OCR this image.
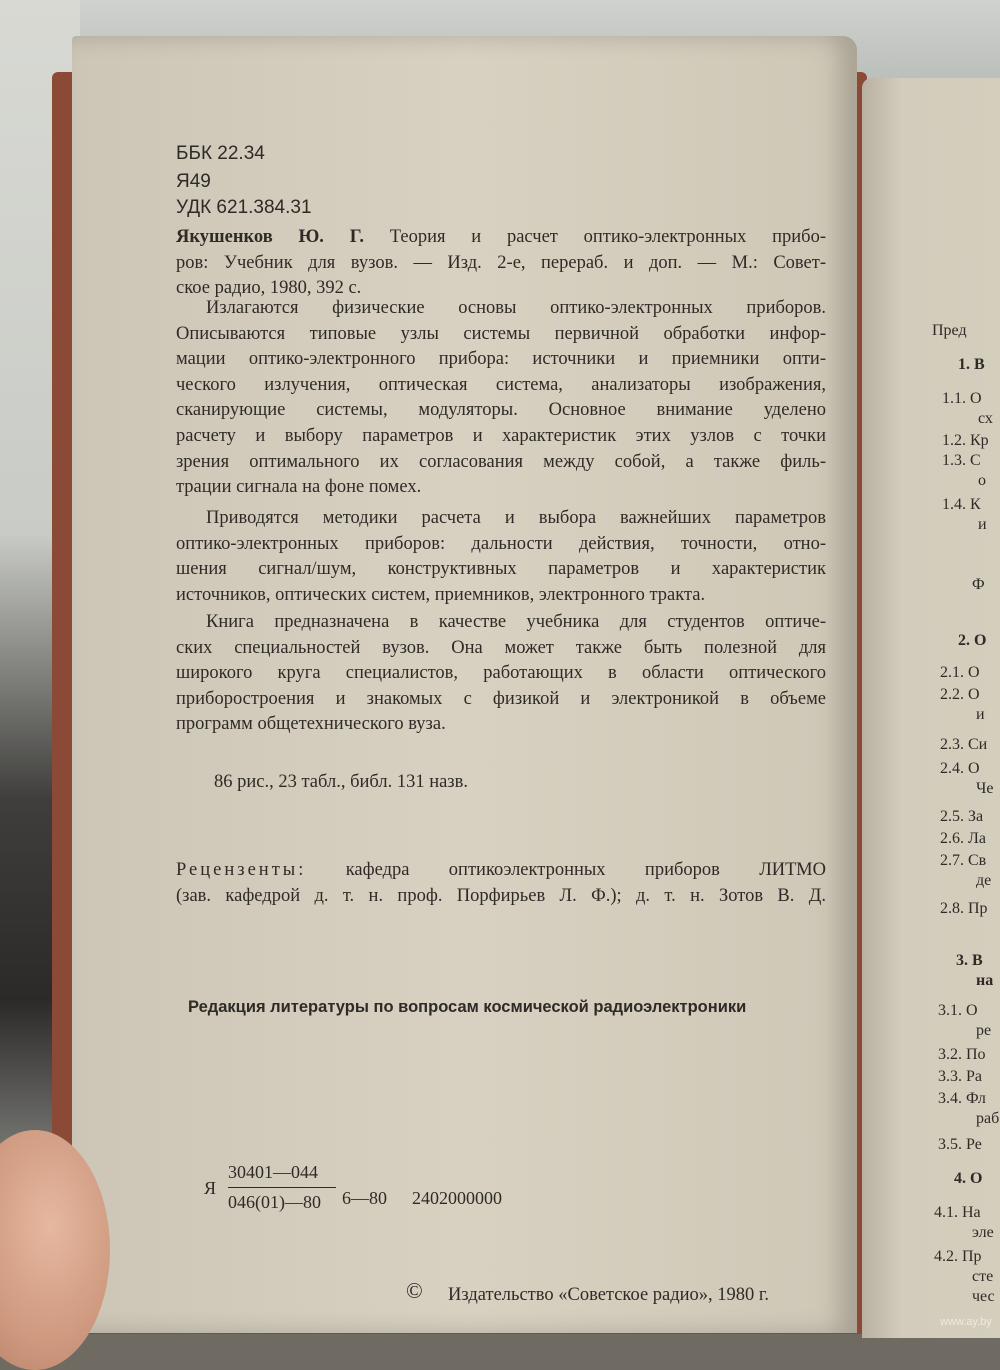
ББК 22.34
Я49
УДК 621.384.31
Якушенков Ю. Г. Теория и расчет оптико-электронных прибо-
ров: Учебник для вузов. — Изд. 2-е, перераб. и доп. — М.: Совет-
ское радио, 1980, 392 с.
Излагаются физические основы оптико-электронных приборов.
Описываются типовые узлы системы первичной обработки инфор-
мации оптико-электронного прибора: источники и приемники опти-
ческого излучения, оптическая система, анализаторы изображения,
сканирующие системы, модуляторы. Основное внимание уделено
расчету и выбору параметров и характеристик этих узлов с точки
зрения оптимального их согласования между собой, а также филь-
трации сигнала на фоне помех.
Приводятся методики расчета и выбора важнейших параметров
оптико-электронных приборов: дальности действия, точности, отно-
шения сигнал/шум, конструктивных параметров и характеристик
источников, оптических систем, приемников, электронного тракта.
Книга предназначена в качестве учебника для студентов оптиче-
ских специальностей вузов. Она может также быть полезной для
широкого круга специалистов, работающих в области оптического
приборостроения и знакомых с физикой и электроникой в объеме
программ общетехнического вуза.
86 рис., 23 табл., библ. 131 назв.
Рецензенты: кафедра оптикоэлектронных приборов ЛИТМО
(зав. кафедрой д. т. н. проф. Порфирьев Л. Ф.); д. т. н. Зотов В. Д.
Редакция литературы по вопросам космической радиоэлектроники
Я
30401—044
046(01)—80 6—80 2402000000
© Издательство «Советское радио», 1980 г.
www.ay.by
Пред
1. В
1.1. О
сх
1.2. Кр
1.3. С
о
1.4. К
и
Ф
2. О
2.1. О
2.2. О
и
2.3. Си
2.4. О
Че
2.5. За
2.6. Ла
2.7. Св
де
2.8. Пр
3. В
на
3.1. О
ре
3.2. По
3.3. Ра
3.4. Фл
раб
3.5. Ре
4. О
4.1. На
эле
4.2. Пр
сте
чес
